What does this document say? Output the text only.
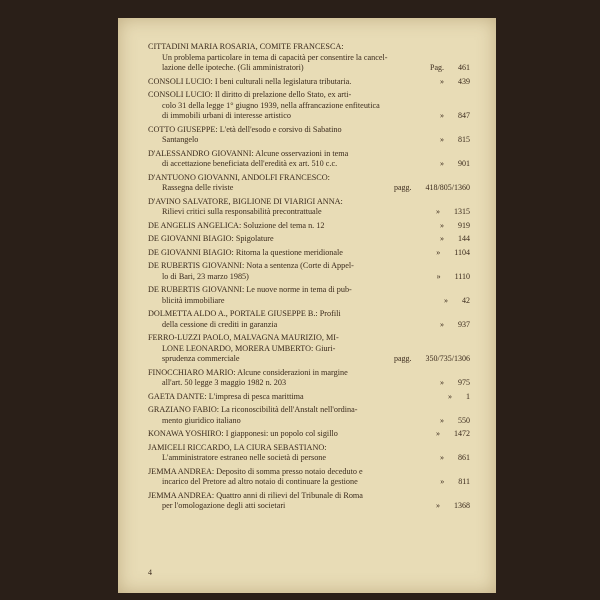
CITTADINI MARIA ROSARIA, COMITE FRANCESCA:
Un problema particolare in tema di capacità per consentire la cancel-
Pag. 461
lazione delle ipoteche. (Gli amministratori)
» 439
CONSOLI LUCIO: I beni culturali nella legislatura tributaria.
CONSOLI LUCIO: Il diritto di prelazione dello Stato, ex arti-
colo 31 della legge 1° giugno 1939, nella affrancazione enfiteutica
» 847
di immobili urbani di interesse artistico
COTTO GIUSEPPE: L'età dell'esodo e corsivo di Sabatino
» 815
Santangelo
D'ALESSANDRO GIOVANNI: Alcune osservazioni in tema
» 901
di accettazione beneficiata dell'eredità ex art. 510 c.c.
D'ANTUONO GIOVANNI, ANDOLFI FRANCESCO:
pagg. 418/805/1360
Rassegna delle riviste
D'AVINO SALVATORE, BIGLIONE DI VIARIGI ANNA:
» 1315
Rilievi critici sulla responsabilità precontrattuale
» 919
DE ANGELIS ANGELICA: Soluzione del tema n. 12
» 144
DE GIOVANNI BIAGIO: Spigolature
» 1104
DE GIOVANNI BIAGIO: Ritorna la questione meridionale
DE RUBERTIS GIOVANNI: Nota a sentenza (Corte di Appel-
» 1110
lo di Bari, 23 marzo 1985)
DE RUBERTIS GIOVANNI: Le nuove norme in tema di pub-
» 42
blicità immobiliare
DOLMETTA ALDO A., PORTALE GIUSEPPE B.: Profili
» 937
della cessione di crediti in garanzia
FERRO-LUZZI PAOLO, MALVAGNA MAURIZIO, MI-
LONE LEONARDO, MORERA UMBERTO: Giuri-
pagg. 350/735/1306
sprudenza commerciale
FINOCCHIARO MARIO: Alcune considerazioni in margine
» 975
all'art. 50 legge 3 maggio 1982 n. 203
» 1
GAETA DANTE: L'impresa di pesca marittima
GRAZIANO FABIO: La riconoscibilità dell'Anstalt nell'ordina-
» 550
mento giuridico italiano
» 1472
KONAWA YOSHIRO: I giapponesi: un popolo col sigillo
JAMICELI RICCARDO, LA CIURA SEBASTIANO:
» 861
L'amministratore estraneo nelle società di persone
JEMMA ANDREA: Deposito di somma presso notaio deceduto e
» 811
incarico del Pretore ad altro notaio di continuare la gestione
JEMMA ANDREA: Quattro anni di rilievi del Tribunale di Roma
» 1368
per l'omologazione degli atti societari
4
